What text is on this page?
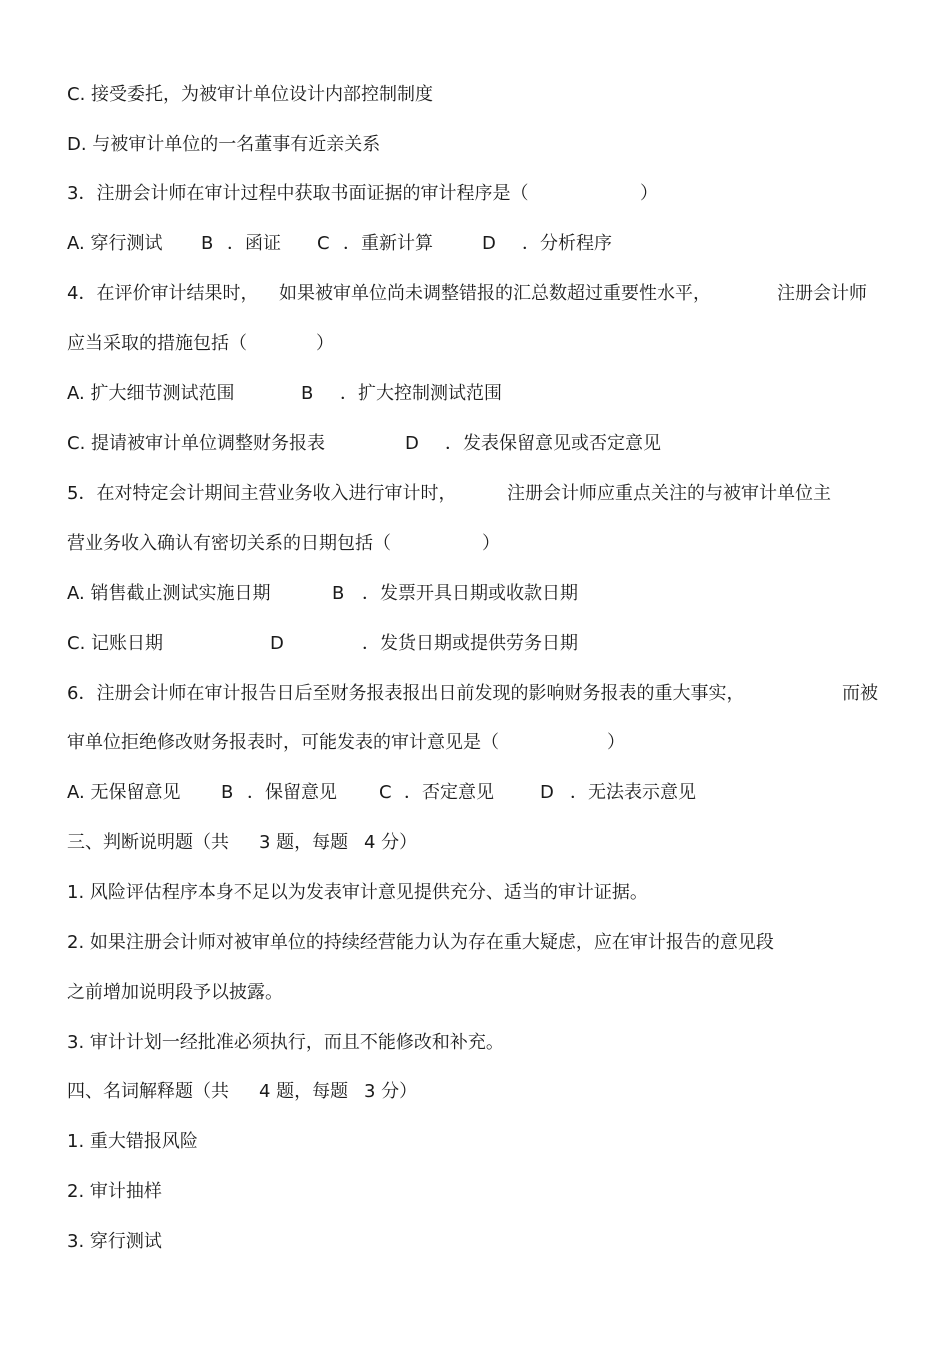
C. 接受委托，为被审计单位设计内部控制制度
D. 与被审计单位的一名董事有近亲关系
3．注册会计师在审计过程中获取书面证据的审计程序是（	）
A. 穿行测试 B ．函证 C ．重新计算	D ．分析程序
4．在评价审计结果时， 如果被审单位尚未调整错报的汇总数超过重要性水平，	注册会计师
应当采取的措施包括（	）
A. 扩大细节测试范围	B ．扩大控制测试范围
C. 提请被审计单位调整财务报表	D ．发表保留意见或否定意见
5．在对特定会计期间主营业务收入进行审计时，	注册会计师应重点关注的与被审计单位主
营业务收入确认有密切关系的日期包括（	）
A. 销售截止测试实施日期	B ．发票开具日期或收款日期
C. 记账日期	D	．发货日期或提供劳务日期
6．注册会计师在审计报告日后至财务报表报出日前发现的影响财务报表的重大事实，	而被
审单位拒绝修改财务报表时，可能发表的审计意见是（	）
A. 无保留意见 B ．保留意见 C ．否定意见	D ．无法表示意见
三、判断说明题（共 3 题，每题 4 分）
1. 风险评估程序本身不足以为发表审计意见提供充分、适当的审计证据。
2. 如果注册会计师对被审单位的持续经营能力认为存在重大疑虑，应在审计报告的意见段
之前增加说明段予以披露。
3. 审计计划一经批准必须执行，而且不能修改和补充。
四、名词解释题（共 4 题，每题 3 分）
1. 重大错报风险
2. 审计抽样
3. 穿行测试
